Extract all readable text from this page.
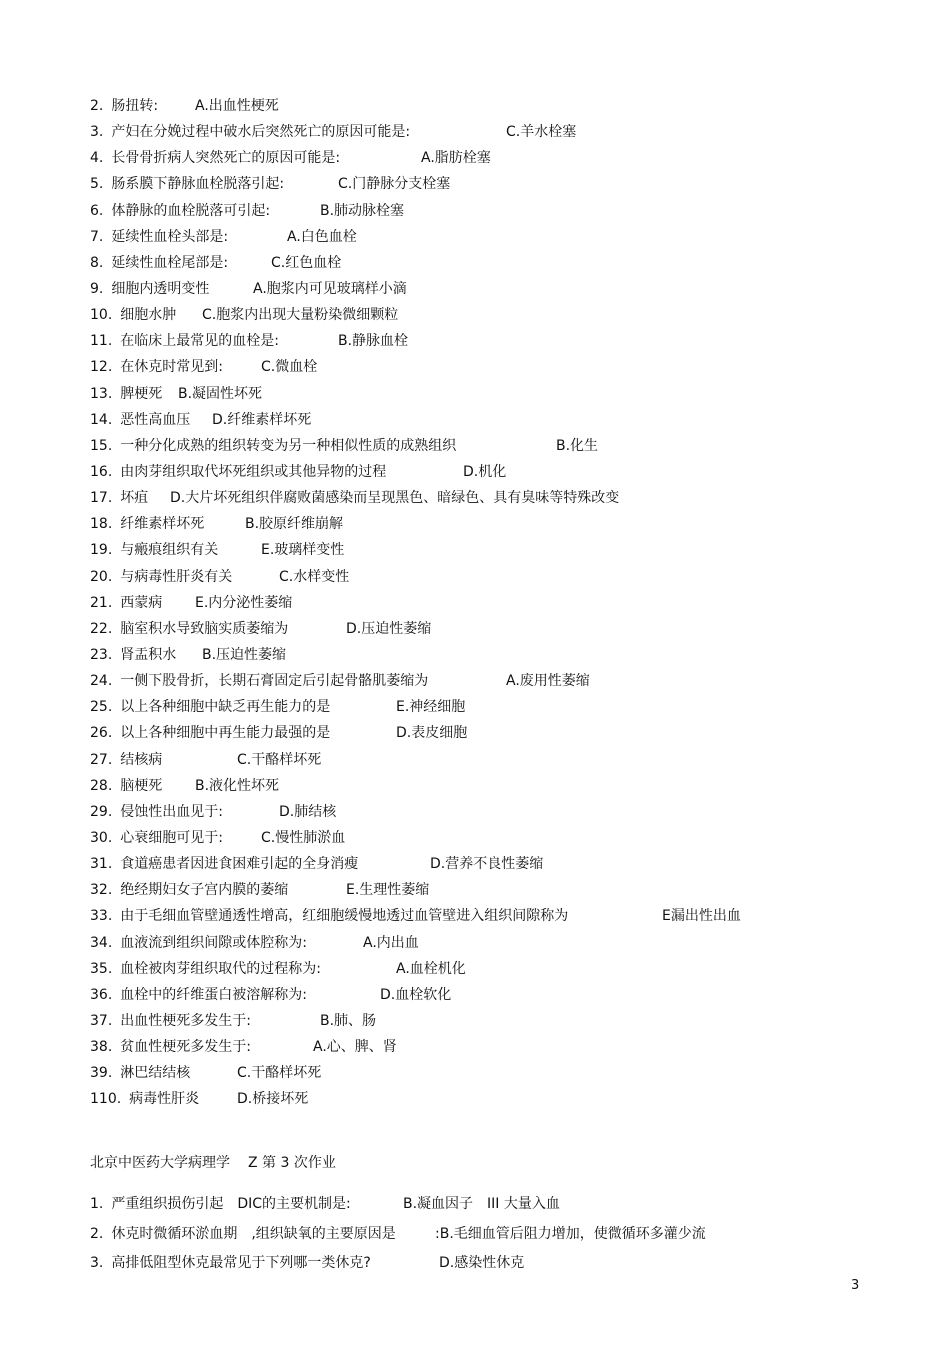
2. 肠扭转:	A.出血性梗死
3. 产妇在分娩过程中破水后突然死亡的原因可能是:	C.羊水栓塞
4. 长骨骨折病人突然死亡的原因可能是:	A.脂肪栓塞
5. 肠系膜下静脉血栓脱落引起:	C.门静脉分支栓塞
6. 体静脉的血栓脱落可引起:	B.肺动脉栓塞
7. 延续性血栓头部是:	A.白色血栓
8. 延续性血栓尾部是:	C.红色血栓
9. 细胞内透明变性	A.胞浆内可见玻璃样小滴
10. 细胞水肿 C.胞浆内出现大量粉染微细颗粒
11. 在临床上最常见的血栓是:	B.静脉血栓
12. 在休克时常见到:	C.微血栓
13. 脾梗死 B.凝固性坏死
14. 恶性高血压 D.纤维素样坏死
15. 一种分化成熟的组织转变为另一种相似性质的成熟组织	B.化生
16. 由肉芽组织取代坏死组织或其他异物的过程	D.机化
17. 坏疽 D.大片坏死组织伴腐败菌感染而呈现黑色、暗绿色、具有臭味等特殊改变
18. 纤维素样坏死	B.胶原纤维崩解
19. 与瘢痕组织有关	E.玻璃样变性
20. 与病毒性肝炎有关	C.水样变性
21. 西蒙病 E.内分泌性萎缩
22. 脑室积水导致脑实质萎缩为	D.压迫性萎缩
23. 肾盂积水 B.压迫性萎缩
24. 一侧下股骨折，长期石膏固定后引起骨骼肌萎缩为	A.废用性萎缩
25. 以上各种细胞中缺乏再生能力的是	E.神经细胞
26. 以上各种细胞中再生能力最强的是	D.表皮细胞
27. 结核病	C.干酪样坏死
28. 脑梗死 B.液化性坏死
29. 侵蚀性出血见于:	D.肺结核
30. 心衰细胞可见于:	C.慢性肺淤血
31. 食道癌患者因进食困难引起的全身消瘦	D.营养不良性萎缩
32. 绝经期妇女子宫内膜的萎缩	E.生理性萎缩
33. 由于毛细血管壁通透性增高，红细胞缓慢地透过血管壁进入组织间隙称为	E漏出性出血
34. 血液流到组织间隙或体腔称为:	A.内出血
35. 血栓被肉芽组织取代的过程称为:	A.血栓机化
36. 血栓中的纤维蛋白被溶解称为:	D.血栓软化
37. 出血性梗死多发生于:	B.肺、肠
38. 贫血性梗死多发生于:	A.心、脾、肾
39. 淋巴结结核	C.干酪样坏死
110. 病毒性肝炎	D.桥接坏死
北京中医药大学病理学 Z 第 3 次作业
1. 严重组织损伤引起　DIC的主要机制是:	B.凝血因子　III 大量入血
2. 休克时微循环淤血期　,组织缺氧的主要原因是	:B.毛细血管后阻力增加，使微循环多灌少流
3. 高排低阻型休克最常见于下列哪一类休克?	D.感染性休克
3
